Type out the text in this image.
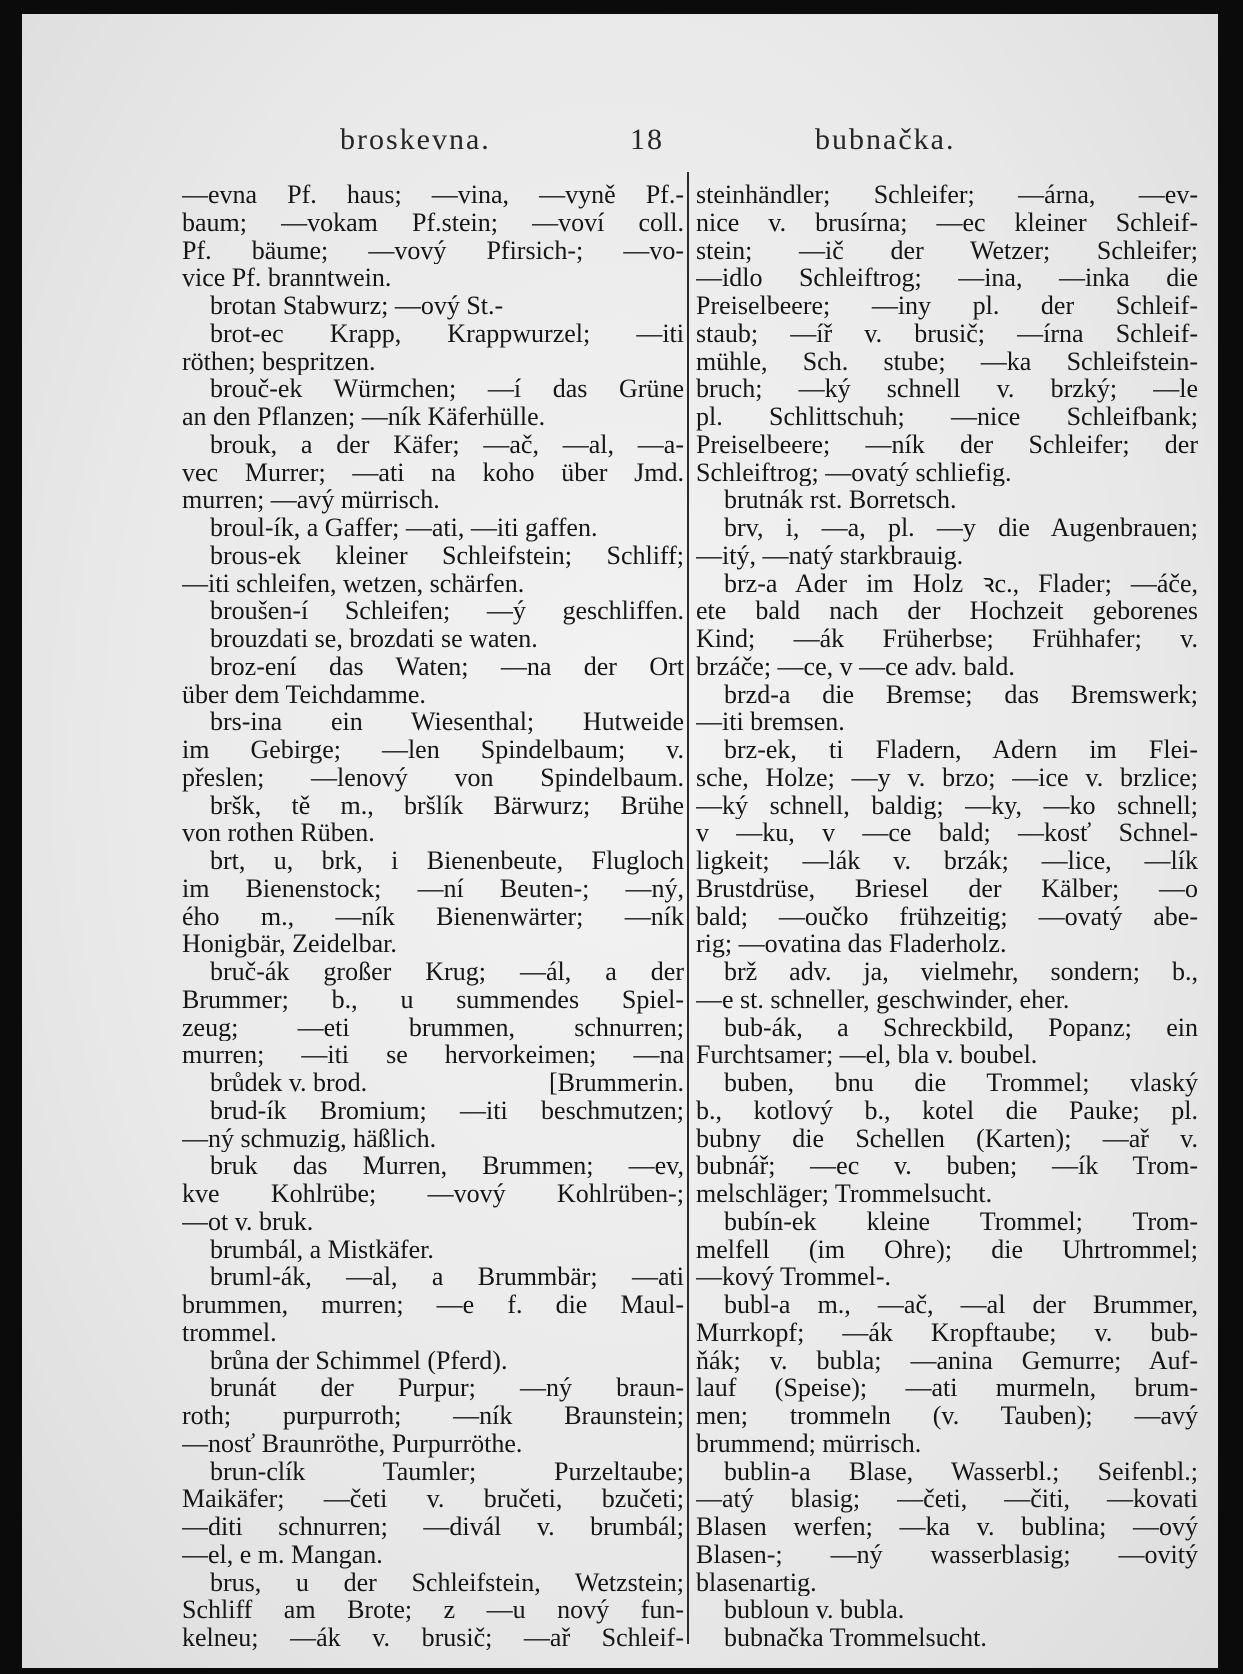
broskevna.	18	bubnačka.
—evna Pf. haus; —vina, —vyně Pf.-
baum; —vokam Pf.stein; —voví coll.
Pf. bäume; —vový Pfirsich-; —vo-
vice Pf. branntwein.
brotan Stabwurz; —ový St.-
brot-ec Krapp, Krappwurzel; —iti
röthen; bespritzen.
brouč-ek Würmchen; —í das Grüne
an den Pflanzen; —ník Käferhülle.
brouk, a der Käfer; —ač, —al, —a-
vec Murrer; —ati na koho über Jmd.
murren; —avý mürrisch.
broul-ík, a Gaffer; —ati, —iti gaffen.
brous-ek kleiner Schleifstein; Schliff;
—iti schleifen, wetzen, schärfen.
broušen-í Schleifen; —ý geschliffen.
brouzdati se, brozdati se waten.
broz-ení das Waten; —na der Ort
über dem Teichdamme.
brs-ina ein Wiesenthal; Hutweide
im Gebirge; —len Spindelbaum; v.
přeslen; —lenový von Spindelbaum.
bršk, tě m., bršlík Bärwurz; Brühe
von rothen Rüben.
brt, u, brk, i Bienenbeute, Flugloch
im Bienenstock; —ní Beuten-; —ný,
ého m., —ník Bienenwärter; —ník
Honigbär, Zeidelbar.
bruč-ák großer Krug; —ál, a der
Brummer; b., u summendes Spiel-
zeug; —eti brummen, schnurren;
murren; —iti se hervorkeimen; —na
brůdek v. brod.	[Brummerin.
brud-ík Bromium; —iti beschmutzen;
—ný schmuzig, häßlich.
bruk das Murren, Brummen; —ev,
kve Kohlrübe; —vový Kohlrüben-;
—ot v. bruk.
brumbál, a Mistkäfer.
bruml-ák, —al, a Brummbär; —ati
brummen, murren; —e f. die Maul-
trommel.
brůna der Schimmel (Pferd).
brunát der Purpur; —ný braun-
roth; purpurroth; —ník Braunstein;
—nosť Braunröthe, Purpurröthe.
brun-clík Taumler; Purzeltaube;
Maikäfer; —četi v. bručeti, bzučeti;
—diti schnurren; —divál v. brumbál;
—el, e m. Mangan.
brus, u der Schleifstein, Wetzstein;
Schliff am Brote; z —u nový fun-
kelneu; —ák v. brusič; —ař Schleif-
steinhändler; Schleifer; —árna, —ev-
nice v. brusírna; —ec kleiner Schleif-
stein; —ič der Wetzer; Schleifer;
—idlo Schleiftrog; —ina, —inka die
Preiselbeere; —iny pl. der Schleif-
staub; —íř v. brusič; —írna Schleif-
mühle, Sch. stube; —ka Schleifstein-
bruch; —ký schnell v. brzký; —le
pl. Schlittschuh; —nice Schleifbank;
Preiselbeere; —ník der Schleifer; der
Schleiftrog; —ovatý schliefig.
brutnák rst. Borretsch.
brv, i, —a, pl. —y die Augenbrauen;
—itý, —natý starkbrauig.
brz-a Ader im Holz ꝛc., Flader; —áče,
ete bald nach der Hochzeit geborenes
Kind; —ák Früherbse; Frühhafer; v.
brzáče; —ce, v —ce adv. bald.
brzd-a die Bremse; das Bremswerk;
—iti bremsen.
brz-ek, ti Fladern, Adern im Flei-
sche, Holze; —y v. brzo; —ice v. brzlice;
—ký schnell, baldig; —ky, —ko schnell;
v —ku, v —ce bald; —kosť Schnel-
ligkeit; —lák v. brzák; —lice, —lík
Brustdrüse, Briesel der Kälber; —o
bald; —oučko frühzeitig; —ovatý abe-
rig; —ovatina das Fladerholz.
brž adv. ja, vielmehr, sondern; b.,
—e st. schneller, geschwinder, eher.
bub-ák, a Schreckbild, Popanz; ein
Furchtsamer; —el, bla v. boubel.
buben, bnu die Trommel; vlaský
b., kotlový b., kotel die Pauke; pl.
bubny die Schellen (Karten); —ař v.
bubnář; —ec v. buben; —ík Trom-
melschläger; Trommelsucht.
bubín-ek kleine Trommel; Trom-
melfell (im Ohre); die Uhrtrommel;
—kový Trommel-.
bubl-a m., —ač, —al der Brummer,
Murrkopf; —ák Kropftaube; v. bub-
ňák; v. bubla; —anina Gemurre; Auf-
lauf (Speise); —ati murmeln, brum-
men; trommeln (v. Tauben); —avý
brummend; mürrisch.
bublin-a Blase, Wasserbl.; Seifenbl.;
—atý blasig; —četi, —čiti, —kovati
Blasen werfen; —ka v. bublina; —ový
Blasen-; —ný wasserblasig; —ovitý
blasenartig.
bubloun v. bubla.
bubnačka Trommelsucht.
